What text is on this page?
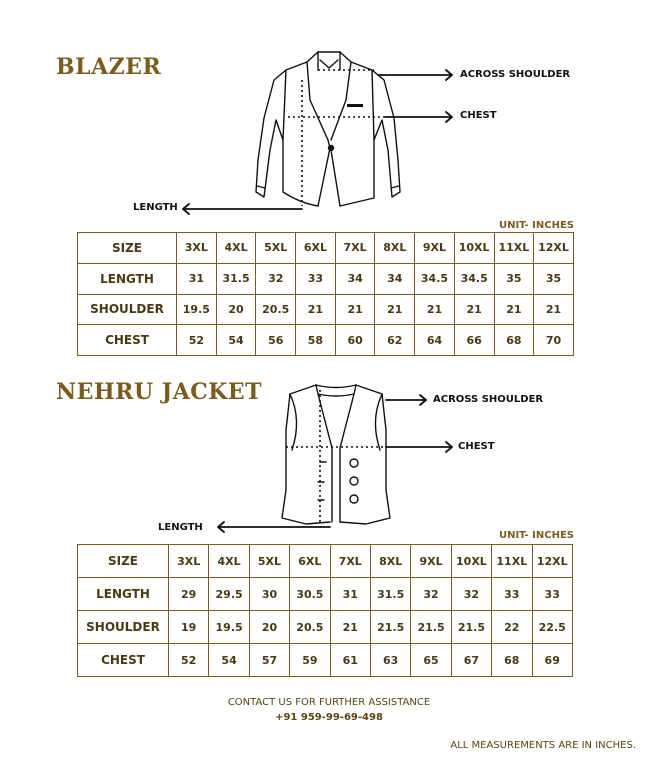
BLAZER	ACROSS SHOULDER
CHEST
LENGTH
UNIT- INCHES
SIZE	3XL	4XL	5XL	6XL	7XL	8XL	9XL	10XL	11XL	12XL
LENGTH	31	31.5	32	33	34	34	34.5	34.5	35	35
SHOULDER	19.5	20	20.5	21	21	21	21	21	21	21
CHEST	52	54	56	58	60	62	64	66	68	70
NEHRU JACKET	ACROSS SHOULDER
CHEST
LENGTH
UNIT- INCHES
SIZE	3XL	4XL	5XL	6XL	7XL	8XL	9XL	10XL	11XL	12XL
LENGTH	29	29.5	30	30.5	31	31.5	32	32	33	33
SHOULDER	19	19.5	20	20.5	21	21.5	21.5	21.5	22	22.5
CHEST	52	54	57	59	61	63	65	67	68	69
CONTACT US FOR FURTHER ASSISTANCE
+91 959-99-69-498
ALL MEASUREMENTS ARE IN INCHES.
